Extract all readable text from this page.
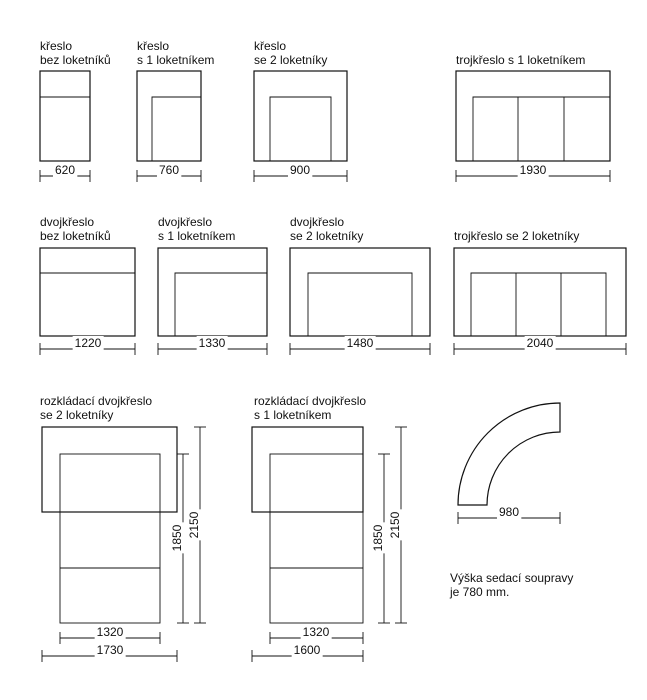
křeslo
bez loketníků
620
křeslo
s 1 loketníkem
760
křeslo
se 2 loketníky
900
trojkřeslo s 1 loketníkem
1930
dvojkřeslo
bez loketníků
1220
dvojkřeslo
s 1 loketníkem
1330
dvojkřeslo
se 2 loketníky
1480
trojkřeslo se 2 loketníky
2040
rozkládací dvojkřeslo
se 2 loketníky
1320
1730
1850 2150
rozkládací dvojkřeslo
s 1 loketníkem
1320
1600
1850 2150	980
Výška sedací soupravy
je 780 mm.
